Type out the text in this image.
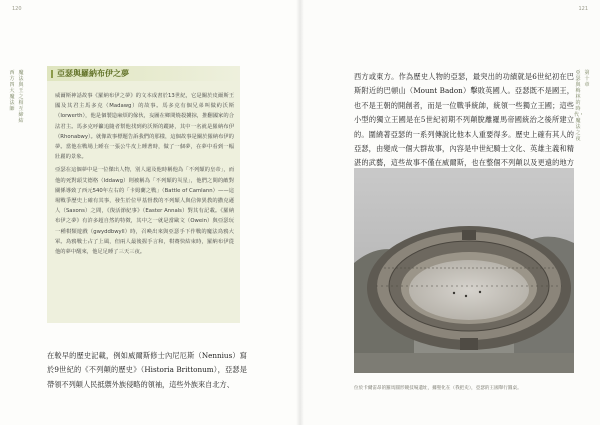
120	121
西方四大魔法師
魔法與王之相互締結
第十章
亞瑟與梅林的時代・魔法之夜
亞瑟與羅納布伊之夢

威爾斯神話故事《羅納布伊之夢》的文本成書於13世紀，它是關於皮爾斯王國及其君主馬多克（Madawg）的故事。馬多克有個兄弟叫做約沃斯（Iorwerth），他是個製造麻煩的傢伙，妄圖在鄉間燒殺擄掠，推翻國家的合法君主。馬多克呼籲追隨者幫他找到約沃斯的蹤跡，其中一名就是羅納布伊（Rhonabwy）。就像故事標題告訴我們的那樣，這個故事是關於羅納布伊的夢。當他在戰場上睡在一張公牛皮上睡著時，做了一個夢，在夢中看到一幅壯麗的景象。

亞瑟在這個夢中是一位傑出人物，別人還及他時稱他為「不列顛的皇帝」，而他的死對頭艾德格（Iddawg）則被稱為「不列顛的災星」，他們之間的敵對關係導致了西元540年左右的「卡姆蘭之戰」（Battle of Camlann）——這場戰爭歷史上確有其事，發生於位甲基督教的不列顛人與信仰異教的撒克遜人（Saxons）之間，《復活節紀事》（Easter Annals）對其有記載。《羅納布伊之夢》有許多超自然的特徵，其中之一就是當歐文（Owein）與亞瑟玩一種棋類遊戲（gwyddbwyll）時，召喚出來與亞瑟手下作戰的魔法鳥鴉大軍。鳥鴉戰士占了上風，但兩人最後握手言和，棋賽快結束時，羅納布伊從他的夢中醒來，他足足睡了三天三夜。

在較早的歷史記載，例如威爾斯修士內尼厄斯（Nennius）寫於9世紀的《不列顛的歷史》（Historia Brittonum），亞瑟是帶領不列顛人民抵禦外族侵略的領袖，這些外族來自北方、

西方或東方。作為歷史人物的亞瑟，最突出的功績就是6世紀初在巴斯附近的巴頓山（Mount Badon）擊敗英國人。亞瑟既不是國王，也不是王朝的開創者，而是一位戰爭統帥，統領一些獨立王國；這些小型的獨立王國是在5世紀初期不列顛脫離羅馬帝國統治之後所建立的。圍繞著亞瑟的一系列傳說比他本人重要得多。歷史上確有其人的亞瑟，由變成一個大群故事，內容是中世紀騎士文化、英雄主義和精湛的武藝，這些故事不僅在威爾斯，也在整個不列顛以及更遠的地方

位於卡爾雷昂的羅馬圓形競技場遺址，據聖化在（我把史），亞瑟的王國舉行圓桌。
